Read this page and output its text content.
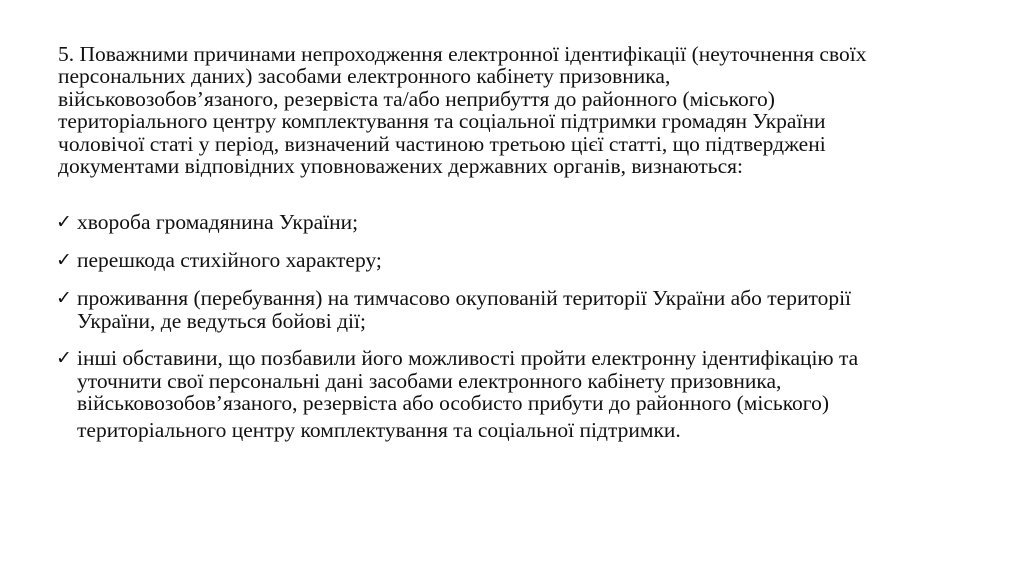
5. Поважними причинами непроходження електронної ідентифікації (неуточнення своїх
персональних даних) засобами електронного кабінету призовника,
військовозобов’язаного, резервіста та/або неприбуття до районного (міського)
територіального центру комплектування та соціальної підтримки громадян України
чоловічої статі у період, визначений частиною третьою цієї статті, що підтверджені
документами відповідних уповноважених державних органів, визнаються:
✓ хвороба громадянина України;
✓ перешкода стихійного характеру;
✓ проживання (перебування) на тимчасово окупованій території України або території
України, де ведуться бойові дії;
✓ інші обставини, що позбавили його можливості пройти електронну ідентифікацію та
уточнити свої персональні дані засобами електронного кабінету призовника,
військовозобов’язаного, резервіста або особисто прибути до районного (міського)
територіального центру комплектування та соціальної підтримки.
